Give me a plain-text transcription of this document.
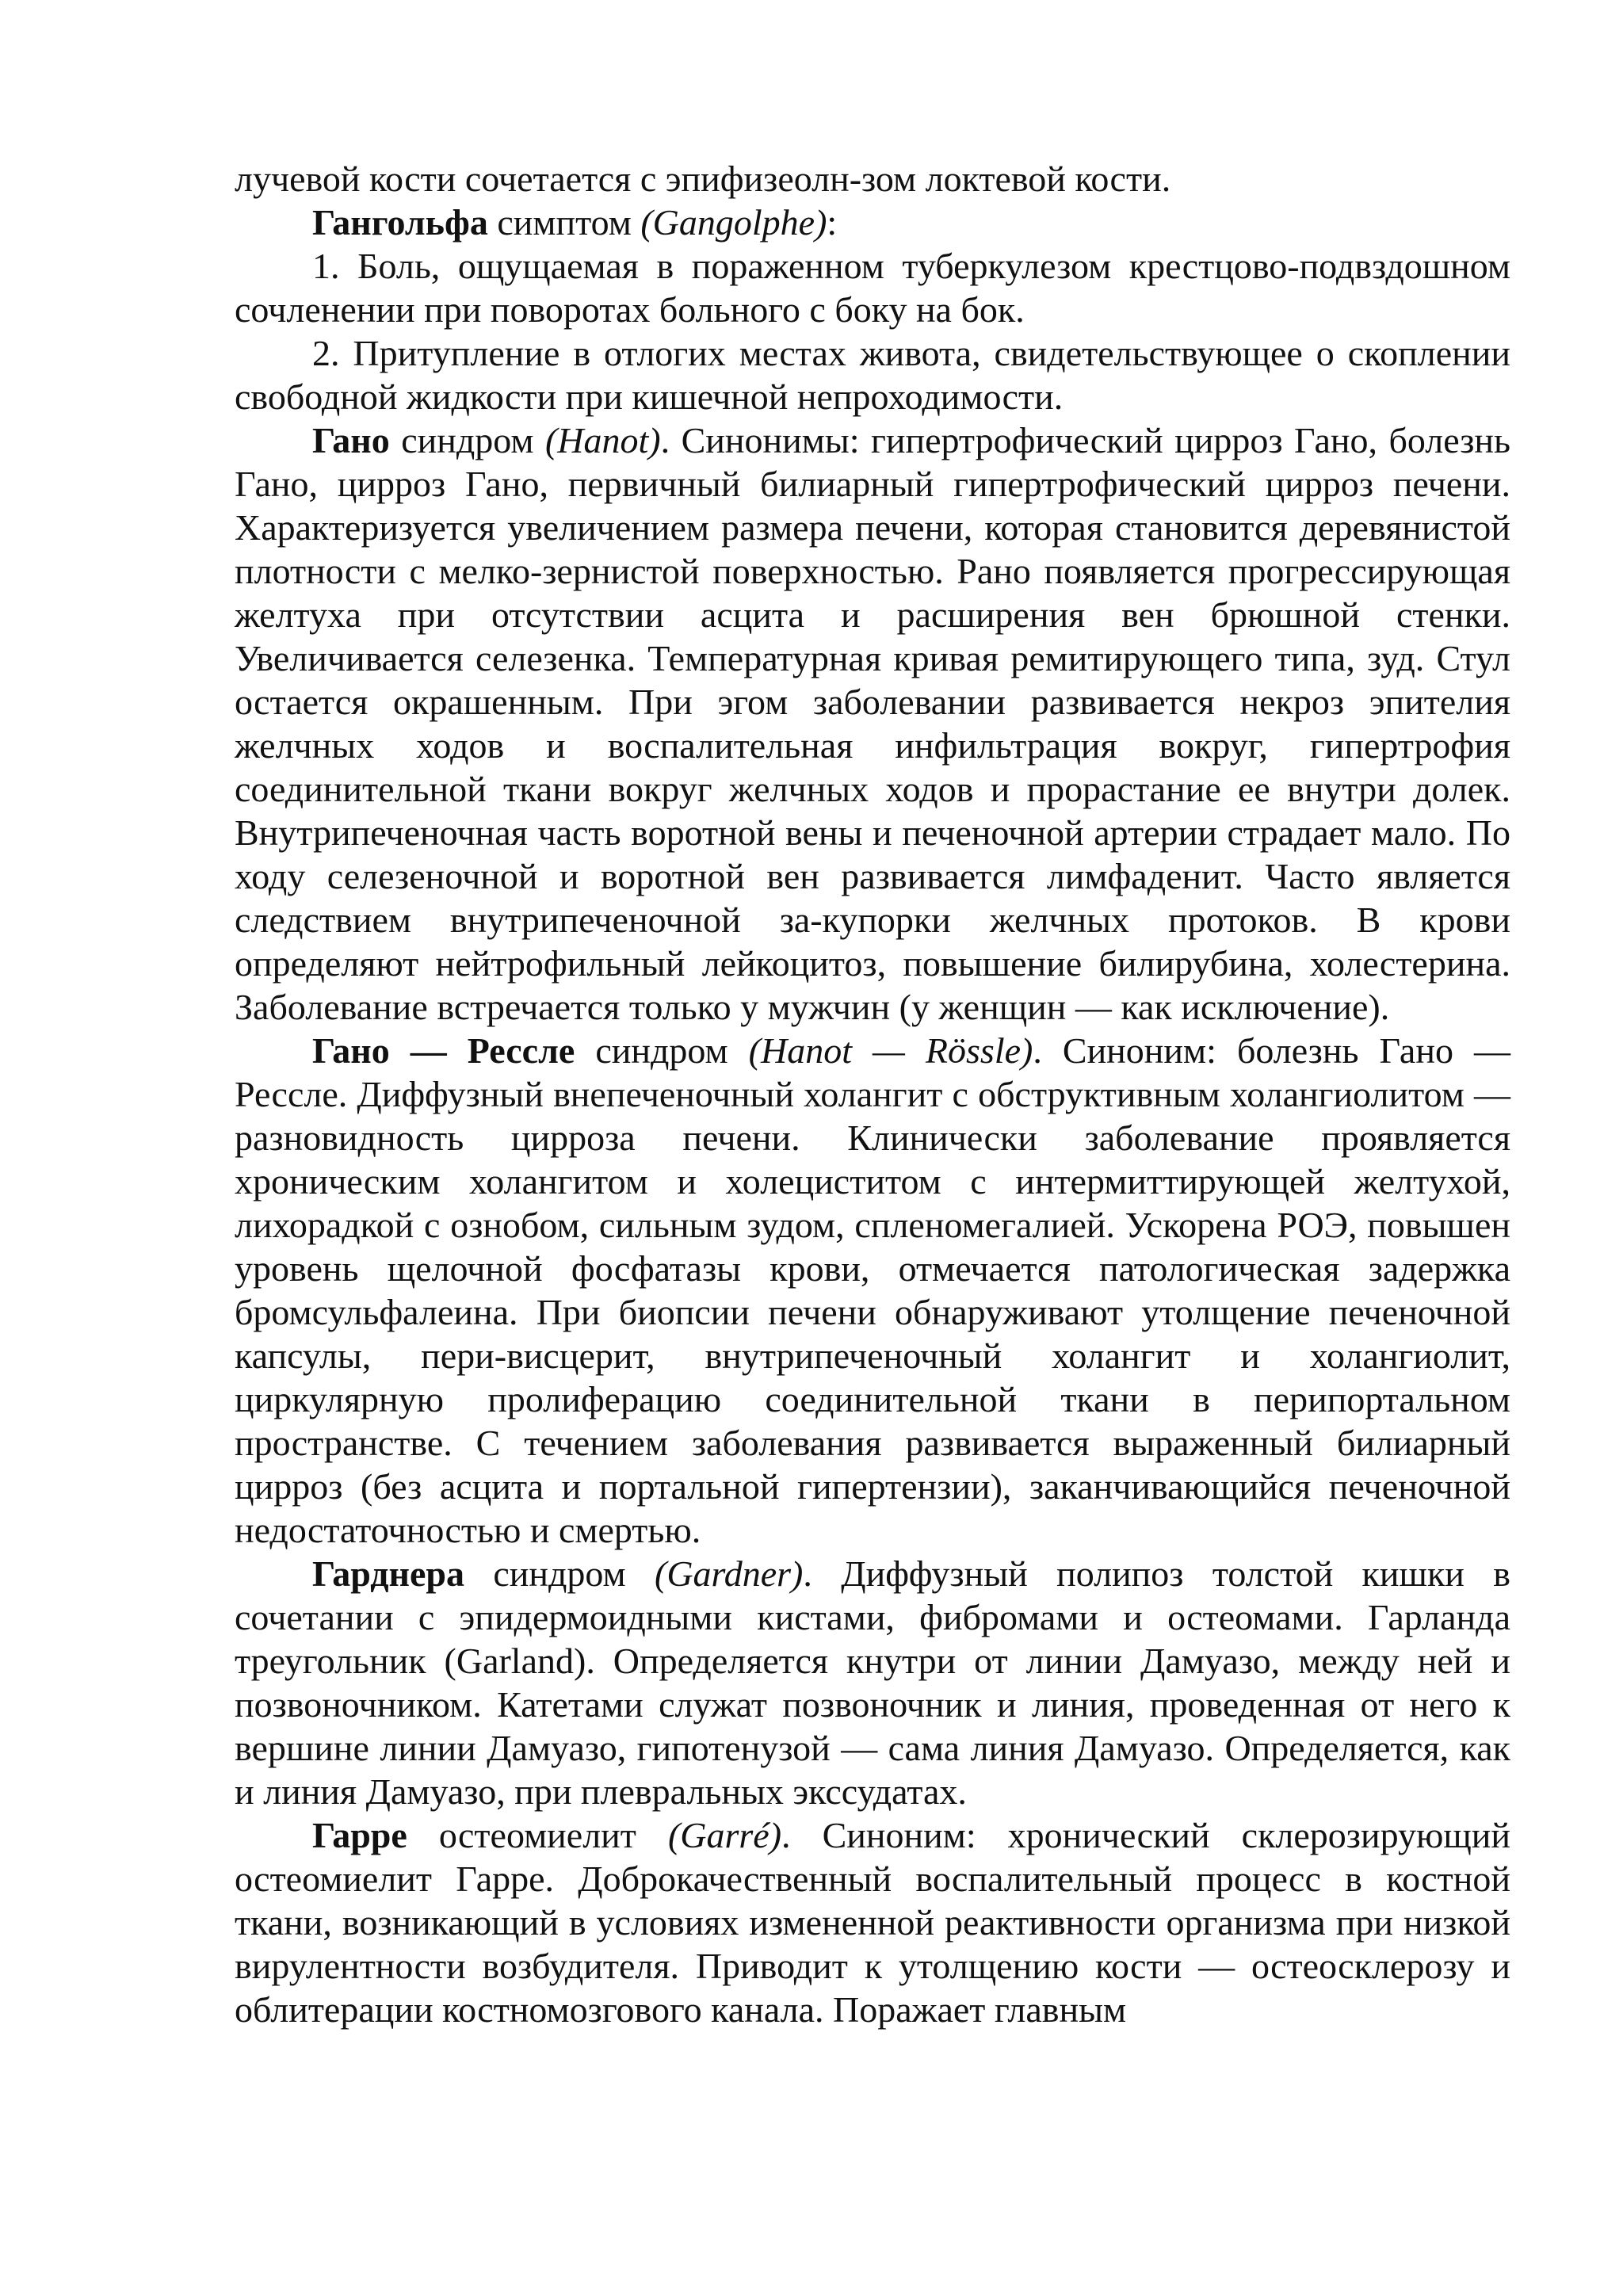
лучевой кости сочетается с эпифизеолн-зом локтевой кости.

Гангольфа симптом (Gangolphe):

1. Боль, ощущаемая в пораженном туберкулезом крестцово-подвздошном сочленении при поворотах больного с боку на бок.

2. Притупление в отлогих местах живота, свидетельствующее о скоплении свободной жидкости при кишечной непроходимости.

Гано синдром (Hanot). Синонимы: гипертрофический цирроз Гано, болезнь Гано, цирроз Гано, первичный билиарный гипертрофический цирроз печени. Характеризуется увеличением размера печени, которая становится деревянистой плотности с мелко-зернистой поверхностью. Рано появляется прогрессирующая желтуха при отсутствии асцита и расширения вен брюшной стенки. Увеличивается селезенка. Температурная кривая ремитирующего типа, зуд. Стул остается окрашенным. При эгом заболевании развивается некроз эпителия желчных ходов и воспалительная инфильтрация вокруг, гипертрофия соединительной ткани вокруг желчных ходов и прорастание ее внутри долек. Внутрипеченочная часть воротной вены и печеночной артерии страдает мало. По ходу селезеночной и воротной вен развивается лимфаденит. Часто является следствием внутрипеченочной за-купорки желчных протоков. В крови определяют нейтрофильный лейкоцитоз, повышение билирубина, холестерина. Заболевание встречается только у мужчин (у женщин — как исключение).

Гано — Рессле синдром (Hanot — Rössle). Синоним: болезнь Гано — Рессле. Диффузный внепеченочный холангит с обструктивным холангиолитом — разновидность цирроза печени. Клинически заболевание проявляется хроническим холангитом и холециститом с интермиттирующей желтухой, лихорадкой с ознобом, сильным зудом, спленомегалией. Ускорена РОЭ, повышен уровень щелочной фосфатазы крови, отмечается патологическая задержка бромсульфалеина. При биопсии печени обнаруживают утолщение печеночной капсулы, пери-висцерит, внутрипеченочный холангит и холангиолит, циркулярную пролиферацию соединительной ткани в перипортальном пространстве. С течением заболевания развивается выраженный билиарный цирроз (без асцита и портальной гипертензии), заканчивающийся печеночной недостаточностью и смертью.

Гарднера синдром (Gardner). Диффузный полипоз толстой кишки в сочетании с эпидермоидными кистами, фибромами и остеомами. Гарланда треугольник (Garland). Определяется кнутри от линии Дамуазо, между ней и позвоночником. Катетами служат позвоночник и линия, проведенная от него к вершине линии Дамуазо, гипотенузой — сама линия Дамуазо. Определяется, как и линия Дамуазо, при плевральных экссудатах.

Гарре остеомиелит (Garré). Синоним: хронический склерозирующий остеомиелит Гарре. Доброкачественный воспалительный процесс в костной ткани, возникающий в условиях измененной реактивности организма при низкой вирулентности возбудителя. Приводит к утолщению кости — остеосклерозу и облитерации костномозгового канала. Поражает главным
